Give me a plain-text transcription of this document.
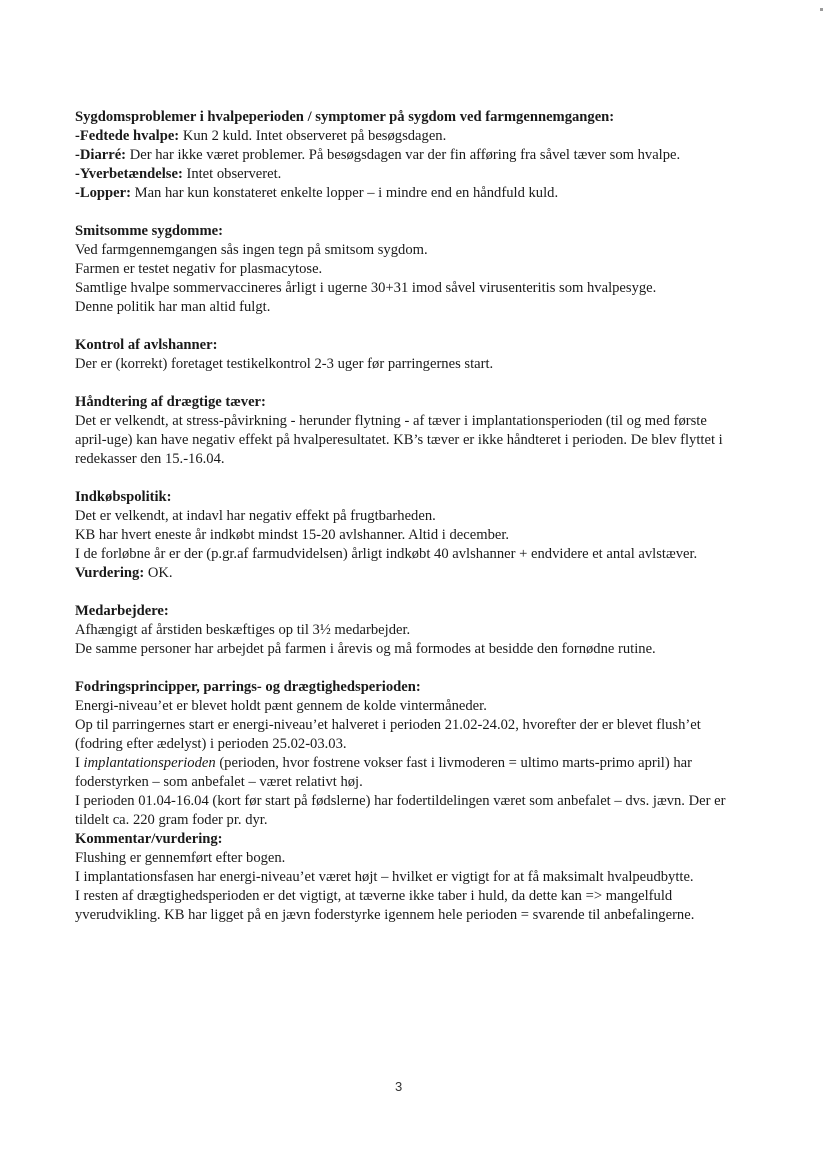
Sygdomsproblemer i hvalpeperioden / symptomer på sygdom ved farmgennemgangen:
-Fedtede hvalpe: Kun 2 kuld. Intet observeret på besøgsdagen.
-Diarré: Der har ikke været problemer. På besøgsdagen var der fin afføring fra såvel tæver som hvalpe.
-Yverbetændelse: Intet observeret.
-Lopper: Man har kun konstateret enkelte lopper – i mindre end en håndfuld kuld.
Smitsomme sygdomme:
Ved farmgennemgangen sås ingen tegn på smitsom sygdom.
Farmen er testet negativ for plasmacytose.
Samtlige hvalpe sommervaccineres årligt i ugerne 30+31 imod såvel virusenteritis som hvalpesyge.
Denne politik har man altid fulgt.
Kontrol af avlshanner:
Der er (korrekt) foretaget testikelkontrol 2-3 uger før parringernes start.
Håndtering af drægtige tæver:
Det er velkendt, at stress-påvirkning - herunder flytning - af tæver i implantationsperioden (til og med første april-uge) kan have negativ effekt på hvalperesultatet. KB’s tæver er ikke håndteret i perioden. De blev flyttet i redekasser den 15.-16.04.
Indkøbspolitik:
Det er velkendt, at indavl har negativ effekt på frugtbarheden.
KB har hvert eneste år indkøbt mindst 15-20 avlshanner. Altid i december.
I de forløbne år er der (p.gr.af farmudvidelsen) årligt indkøbt 40 avlshanner + endvidere et antal avlstæver.
Vurdering: OK.
Medarbejdere:
Afhængigt af årstiden beskæftiges op til 3½ medarbejder.
De samme personer har arbejdet på farmen i årevis og må formodes at besidde den fornødne rutine.
Fodringsprincipper, parrings- og drægtighedsperioden:
Energi-niveau’et er blevet holdt pænt gennem de kolde vintermåneder.
Op til parringernes start er energi-niveau’et halveret i perioden 21.02-24.02, hvorefter der er blevet flush’et (fodring efter ædelyst) i perioden 25.02-03.03.
I implantationsperioden (perioden, hvor fostrene vokser fast i livmoderen = ultimo marts-primo april) har foderstyrken – som anbefalet – været relativt høj.
I perioden 01.04-16.04 (kort før start på fødslerne) har fodertildelingen været som anbefalet – dvs. jævn. Der er tildelt ca. 220 gram foder pr. dyr.
Kommentar/vurdering:
Flushing er gennemført efter bogen.
I implantationsfasen har energi-niveau’et været højt – hvilket er vigtigt for at få maksimalt hvalpeudbytte.
I resten af drægtighedsperioden er det vigtigt, at tæverne ikke taber i huld, da dette kan => mangelfuld yverudvikling. KB har ligget på en jævn foderstyrke igennem hele perioden = svarende til anbefalingerne.
3
